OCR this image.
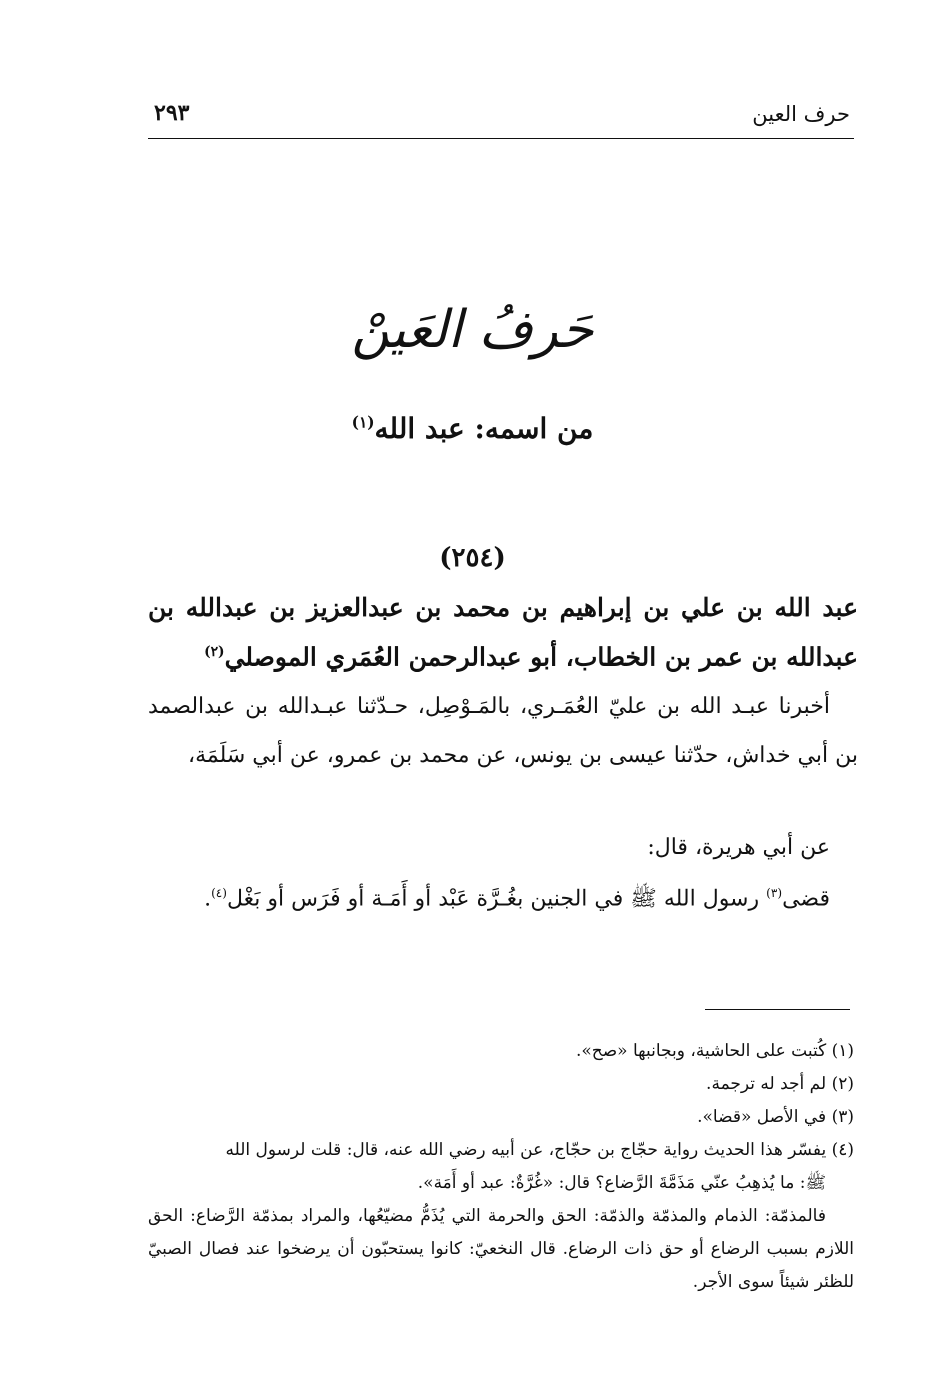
حرف العين
٢٩٣
حَرفُ العَينْ
من اسمه: عبد الله$^{(١)}$
(٢٥٤)
عبد الله بن علي بن إبراهيم بن محمد بن عبدالعزيز بن عبدالله بن عبدالله بن عمر بن الخطاب، أبو عبدالرحمن العُمَري الموصلي$^{(٢)}$
أخبرنا عبـد الله بن عليّ العُمَـري، بالمَـوْصِل، حـدّثنا عبـدالله بن عبدالصمد بن أبي خداش، حدّثنا عيسى بن يونس، عن محمد بن عمرو، عن أبي سَلَمَة،
عن أبي هريرة، قال:
قضى$^{(٣)}$ رسول الله ﷺ في الجنين بغُـرَّة عَبْد أو أَمَـة أو فَرَس أو بَغْل$^{(٤)}$.
(١) كُتبت على الحاشية، وبجانبها «صح».
(٢) لم أجد له ترجمة.
(٣) في الأصل «قضا».
(٤) يفسّر هذا الحديث رواية حجّاج بن حجّاج، عن أبيه رضي الله عنه، قال: قلت لرسول الله
ﷺ: ما يُذهِبُ عنّي مَذَمَّةَ الرَّضاع؟ قال: «غُرَّةٌ: عبد أو أَمَة».
فالمذمّة: الذمام والمذمّة والذمّة: الحق والحرمة التي يُذَمُّ مضيّعُها، والمراد بمذمّة الرَّضاع: الحق اللازم بسبب الرضاع أو حق ذات الرضاع. قال النخعيّ: كانوا يستحبّون أن يرضخوا عند فصال الصبيّ للظئر شيئاً سوى الأجر.
